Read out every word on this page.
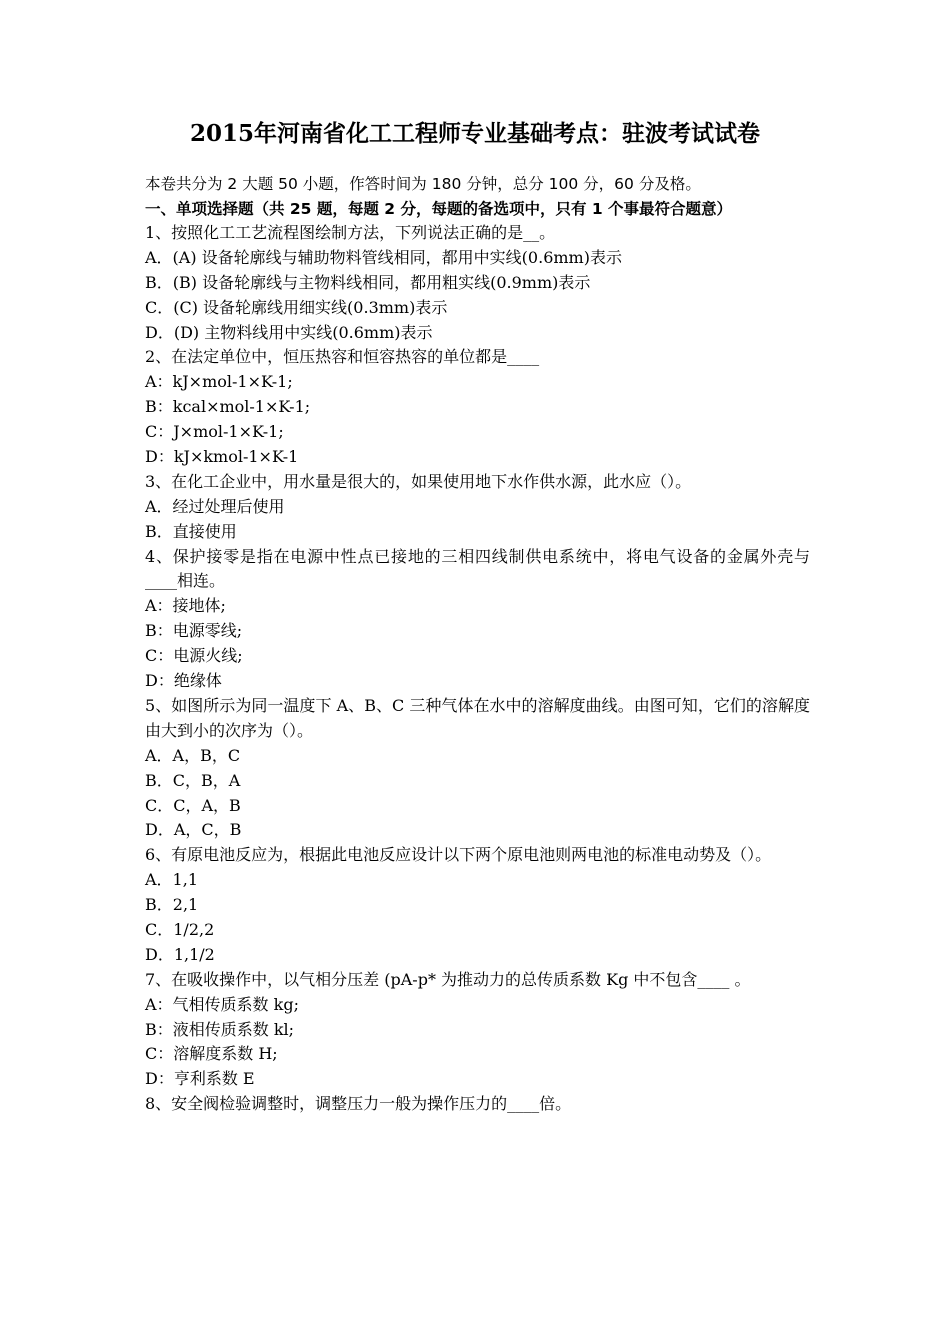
2015年河南省化工工程师专业基础考点：驻波考试试卷
本卷共分为 2 大题 50 小题，作答时间为 180 分钟，总分 100 分，60 分及格。
一、单项选择题（共 25 题，每题 2 分，每题的备选项中，只有 1 个事最符合题意）
1、按照化工工艺流程图绘制方法，下列说法正确的是__。
A．(A) 设备轮廓线与辅助物料管线相同，都用中实线(0.6mm)表示
B．(B) 设备轮廓线与主物料线相同，都用粗实线(0.9mm)表示
C．(C) 设备轮廓线用细实线(0.3mm)表示
D．(D) 主物料线用中实线(0.6mm)表示
2、在法定单位中，恒压热容和恒容热容的单位都是____
A：kJ×mol-1×K-1;
B：kcal×mol-1×K-1;
C：J×mol-1×K-1;
D：kJ×kmol-1×K-1
3、在化工企业中，用水量是很大的，如果使用地下水作供水源，此水应（）。
A．经过处理后使用
B．直接使用
4、保护接零是指在电源中性点已接地的三相四线制供电系统中，将电气设备的金属外壳与____相连。
A：接地体;
B：电源零线;
C：电源火线;
D：绝缘体
5、如图所示为同一温度下 A、B、C 三种气体在水中的溶解度曲线。由图可知，它们的溶解度由大到小的次序为（）。
A．A，B，C
B．C，B，A
C．C，A，B
D．A，C，B
6、有原电池反应为，根据此电池反应设计以下两个原电池则两电池的标准电动势及（）。
A．1,1
B．2,1
C．1/2,2
D．1,1/2
7、在吸收操作中，以气相分压差 (pA-p* 为推动力的总传质系数 Kg 中不包含____ 。
A：气相传质系数 kg;
B：液相传质系数 kl;
C：溶解度系数 H;
D：亨利系数 E
8、安全阀检验调整时，调整压力一般为操作压力的____倍。
